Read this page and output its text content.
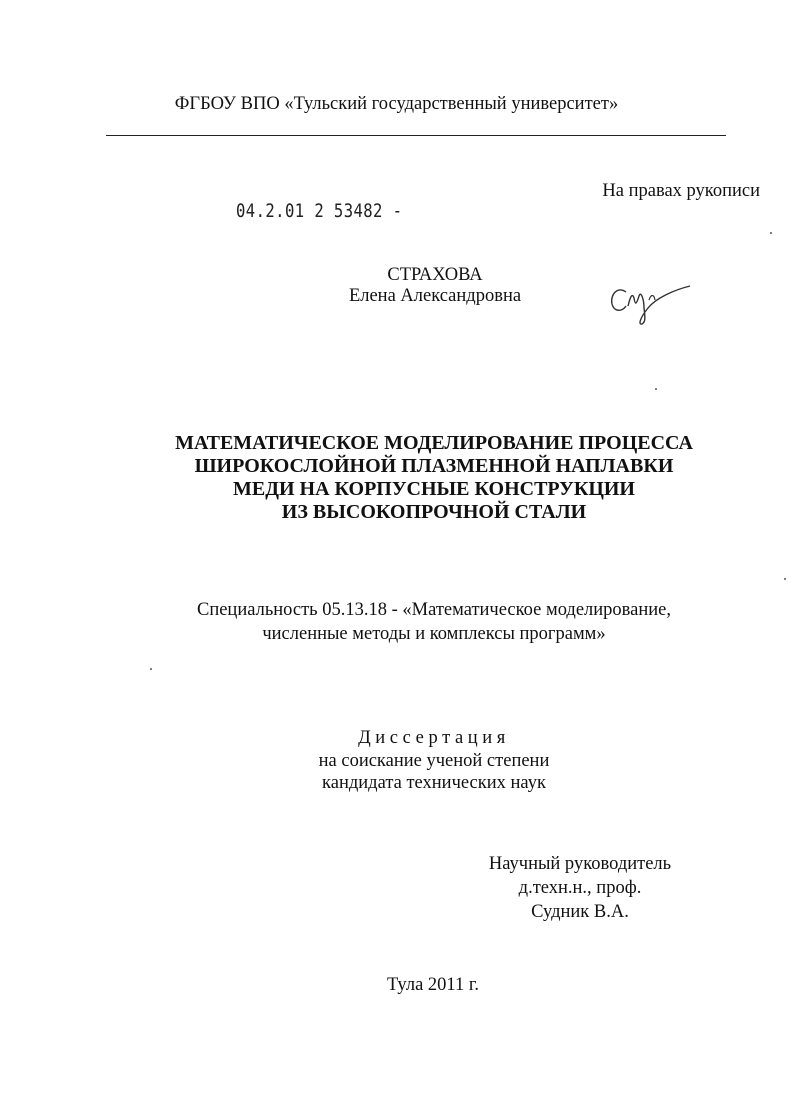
ФГБОУ ВПО «Тульский государственный университет»
На правах рукописи
04.2.01 2 53482 -
СТРАХОВА
Елена Александровна
МАТЕМАТИЧЕСКОЕ МОДЕЛИРОВАНИЕ ПРОЦЕССА
ШИРОКОСЛОЙНОЙ ПЛАЗМЕННОЙ НАПЛАВКИ
МЕДИ НА КОРПУСНЫЕ КОНСТРУКЦИИ
ИЗ ВЫСОКОПРОЧНОЙ СТАЛИ
Специальность 05.13.18 - «Математическое моделирование,
численные методы и комплексы программ»
Диссертация
на соискание ученой степени
кандидата технических наук
Научный руководитель
д.техн.н., проф.
Судник В.А.
Тула 2011 г.
